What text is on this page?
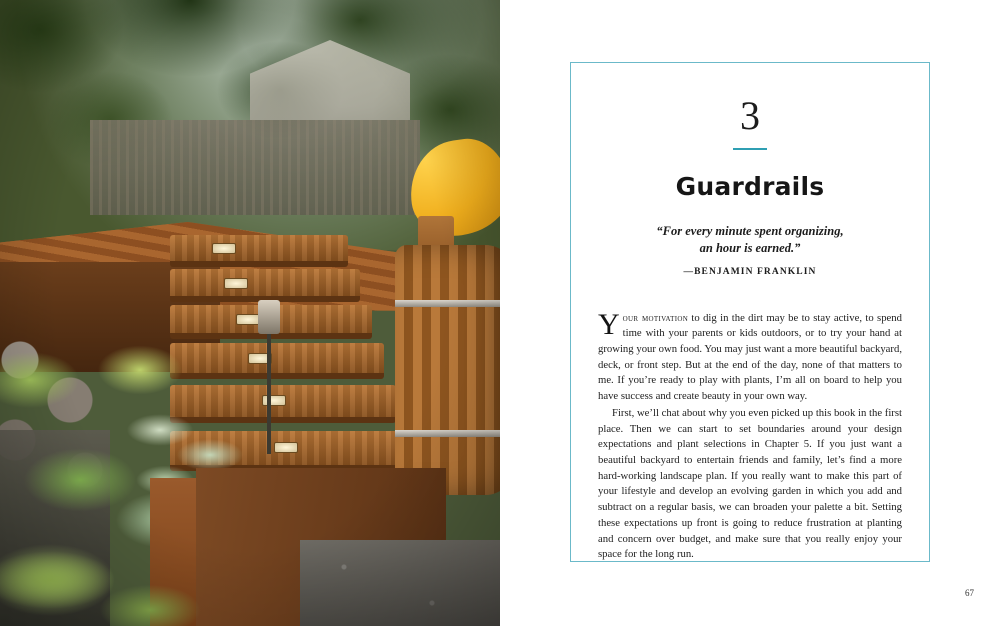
3
Guardrails
“For every minute spent organizing,
an hour is earned.”
—BENJAMIN FRANKLIN

Your motivation to dig in the dirt may be to stay active, to spend time with your parents or kids outdoors, or to try your hand at growing your own food. You may just want a more beautiful backyard, deck, or front step. But at the end of the day, none of that matters to me. If you’re ready to play with plants, I’m all on board to help you have success and create beauty in your own way.

First, we’ll chat about why you even picked up this book in the first place. Then we can start to set boundaries around your design expectations and plant selections in Chapter 5. If you just want a beautiful backyard to entertain friends and family, let’s find a more hard-working landscape plan. If you really want to make this part of your lifestyle and develop an evolving garden in which you add and subtract on a regular basis, we can broaden your palette a bit. Setting these expectations up front is going to reduce frustration at planting and concern over budget, and make sure that you really enjoy your space for the long run.

67
